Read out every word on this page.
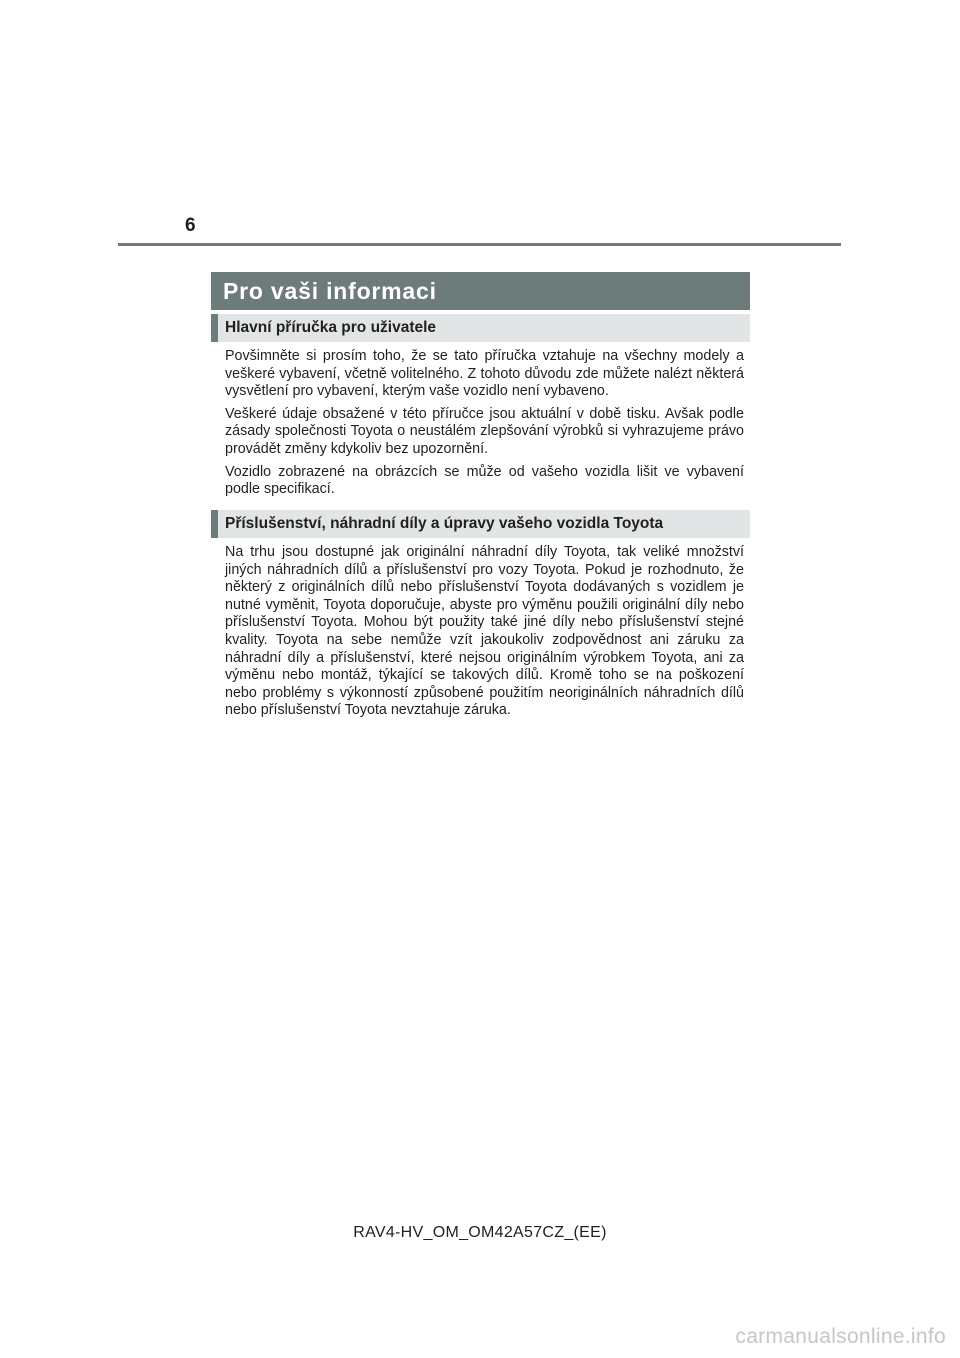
6
Pro vaši informaci
Hlavní příručka pro uživatele

Povšimněte si prosím toho, že se tato příručka vztahuje na všechny modely a veškeré vybavení, včetně volitelného. Z tohoto důvodu zde můžete nalézt některá vysvětlení pro vybavení, kterým vaše vozidlo není vybaveno.

Veškeré údaje obsažené v této příručce jsou aktuální v době tisku. Avšak podle zásady společnosti Toyota o neustálém zlepšování výrobků si vyhrazujeme právo provádět změny kdykoliv bez upozornění.

Vozidlo zobrazené na obrázcích se může od vašeho vozidla lišit ve vybavení podle specifikací.

Příslušenství, náhradní díly a úpravy vašeho vozidla Toyota

Na trhu jsou dostupné jak originální náhradní díly Toyota, tak veliké množství jiných náhradních dílů a příslušenství pro vozy Toyota. Pokud je rozhodnuto, že některý z originálních dílů nebo příslušenství Toyota dodávaných s vozidlem je nutné vyměnit, Toyota doporučuje, abyste pro výměnu použili originální díly nebo příslušenství Toyota. Mohou být použity také jiné díly nebo příslušenství stejné kvality. Toyota na sebe nemůže vzít jakoukoliv zodpovědnost ani záruku za náhradní díly a příslušenství, které nejsou originálním výrobkem Toyota, ani za výměnu nebo montáž, týkající se takových dílů. Kromě toho se na poškození nebo problémy s výkonností způsobené použitím neoriginálních náhradních dílů nebo příslušenství Toyota nevztahuje záruka.

RAV4-HV_OM_OM42A57CZ_(EE)
carmanualsonline.info
